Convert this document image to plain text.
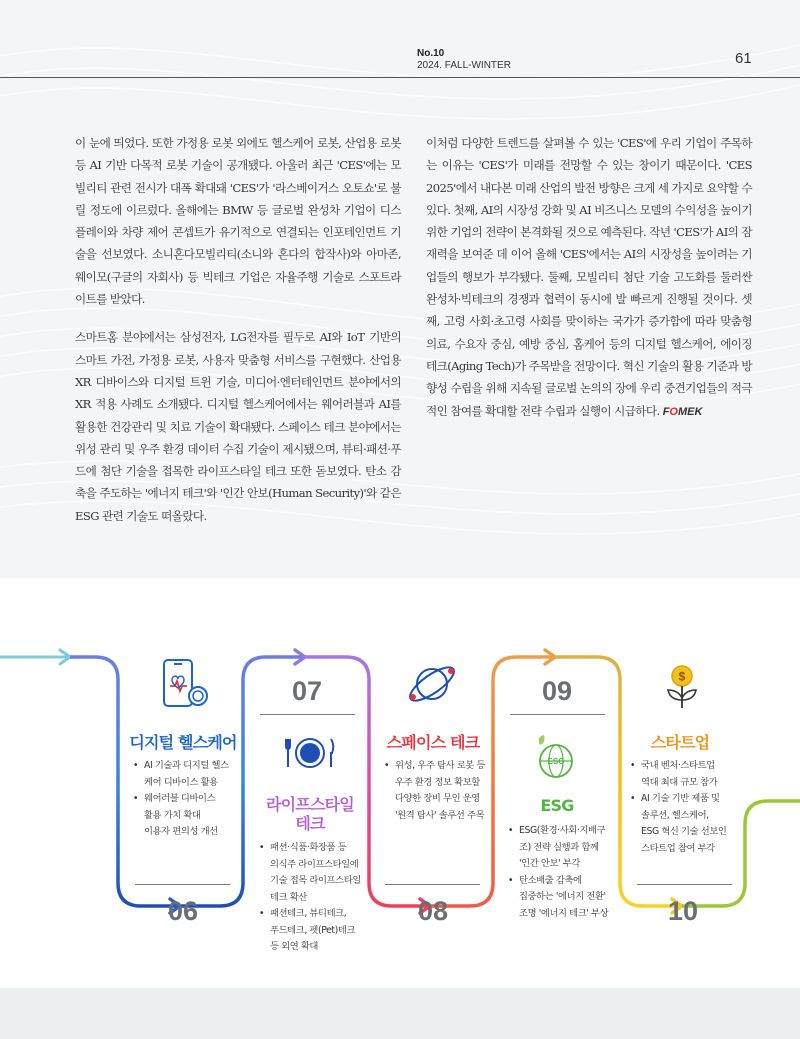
No.10
2024. FALL-WINTER	61

이 눈에 띄었다. 또한 가정용 로봇 외에도 헬스케어 로봇, 산업용 로봇 등 AI 기반 다목적 로봇 기술이 공개됐다. 아울러 최근 'CES'에는 모빌리티 관련 전시가 대폭 확대돼 'CES'가 '라스베이거스 오토쇼'로 불릴 정도에 이르렀다. 올해에는 BMW 등 글로벌 완성차 기업이 디스플레이와 차량 제어 콘셉트가 유기적으로 연결되는 인포테인먼트 기술을 선보였다. 소니혼다모빌리티(소니와 혼다의 합작사)와 아마존, 웨이모(구글의 자회사) 등 빅테크 기업은 자율주행 기술로 스포트라이트를 받았다.

스마트홈 분야에서는 삼성전자, LG전자를 필두로 AI와 IoT 기반의 스마트 가전, 가정용 로봇, 사용자 맞춤형 서비스를 구현했다. 산업용 XR 디바이스와 디지털 트윈 기술, 미디어·엔터테인먼트 분야에서의 XR 적용 사례도 소개됐다. 디지털 헬스케어에서는 웨어러블과 AI를 활용한 건강관리 및 치료 기술이 확대됐다. 스페이스 테크 분야에서는 위성 관리 및 우주 환경 데이터 수집 기술이 제시됐으며, 뷰티·패션·푸드에 첨단 기술을 접목한 라이프스타일 테크 또한 돋보였다. 탄소 감축을 주도하는 '에너지 테크'와 '인간 안보(Human Security)'와 같은 ESG 관련 기술도 떠올랐다.

이처럼 다양한 트렌드를 살펴볼 수 있는 'CES'에 우리 기업이 주목하는 이유는 'CES'가 미래를 전망할 수 있는 창이기 때문이다. 'CES 2025'에서 내다본 미래 산업의 발전 방향은 크게 세 가지로 요약할 수 있다. 첫째, AI의 시장성 강화 및 AI 비즈니스 모델의 수익성을 높이기 위한 기업의 전략이 본격화될 것으로 예측된다. 작년 'CES'가 AI의 잠재력을 보여준 데 이어 올해 'CES'에서는 AI의 시장성을 높이려는 기업들의 행보가 부각됐다. 둘째, 모빌리티 첨단 기술 고도화를 둘러싼 완성차·빅테크의 경쟁과 협력이 동시에 발 빠르게 진행될 것이다. 셋째, 고령 사회·초고령 사회를 맞이하는 국가가 증가함에 따라 맞춤형 의료, 수요자 중심, 예방 중심, 홈케어 등의 디지털 헬스케어, 에이징 테크(Aging Tech)가 주목받을 전망이다. 혁신 기술의 활용 기준과 방향성 수립을 위해 지속될 글로벌 논의의 장에 우리 중견기업들의 적극적인 참여를 확대할 전략 수립과 실행이 시급하다. FOMEK

디지털 헬스케어
• AI 기술과 디지털 헬스
케어 디바이스 활용
• 웨어러블 디바이스
활용 가치 확대
이용자 편의성 개선
06
07
라이프스타일
테크
• 패션·식품·화장품 등
의식주 라이프스타일에
기술 접목 라이프스타일
테크 확산
• 패션테크, 뷰티테크,
푸드테크, 펫(Pet)테크
등 외연 확대
스페이스 테크
• 위성, 우주 탐사 로봇 등
우주 환경 정보 확보할
다양한 장비 무인 운영
'원격 탐사' 솔루션 주목
08
09
ESG
ESG
• ESG(환경·사회·지배구
조) 전략 실행과 함께
'인간 안보' 부각
• 탄소배출 감축에
집중하는 '에너지 전환'
조명 '에너지 테크' 부상
$
스타트업
• 국내 벤처·스타트업
역대 최대 규모 참가
• AI 기술 기반 제품 및
솔루션, 헬스케어,
ESG 혁신 기술 선보인
스타트업 참여 부각
10
